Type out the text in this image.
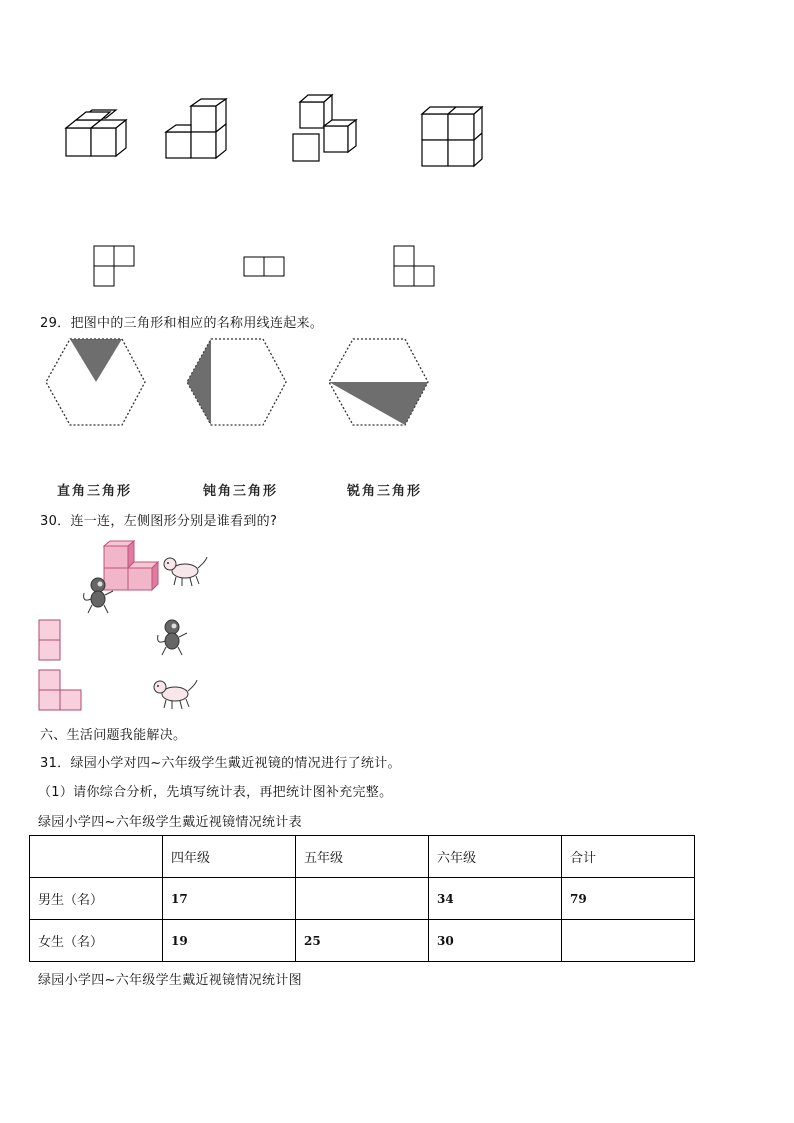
29．把图中的三角形和相应的名称用线连起来。
直角三角形	钝角三角形	锐角三角形
30．连一连，左侧图形分别是谁看到的?
六、生活问题我能解决。
31．绿园小学对四~六年级学生戴近视镜的情况进行了统计。
（1）请你综合分析，先填写统计表，再把统计图补充完整。
绿园小学四~六年级学生戴近视镜情况统计表
	四年级	五年级	六年级	合计
男生（名）	17		34	79
女生（名）	19	25	30	
绿园小学四~六年级学生戴近视镜情况统计图
